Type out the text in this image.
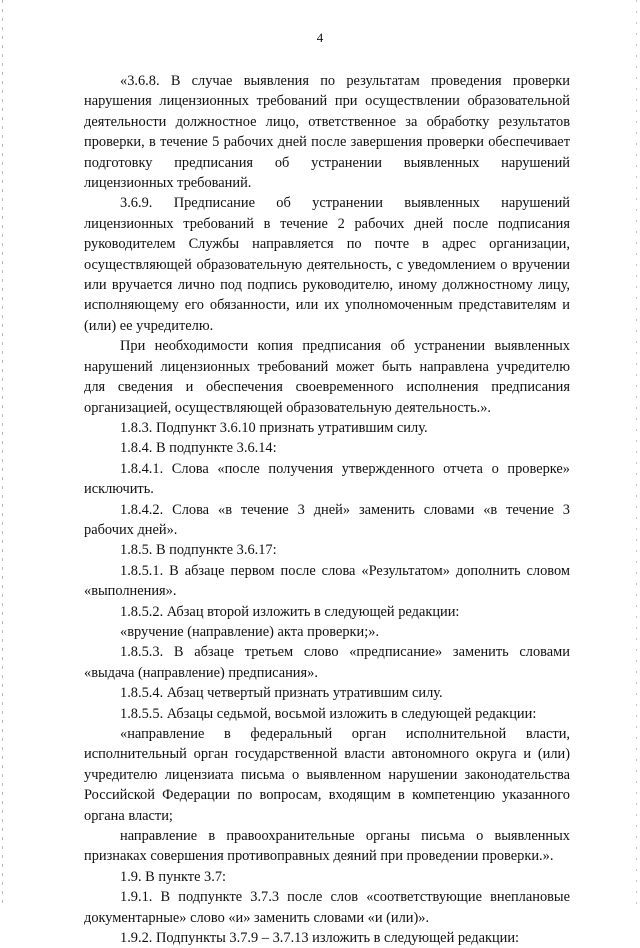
4

«3.6.8. В случае выявления по результатам проведения проверки нарушения лицензионных требований при осуществлении образовательной деятельности должностное лицо, ответственное за обработку результатов проверки, в течение 5 рабочих дней после завершения проверки обеспечивает подготовку предписания об устранении выявленных нарушений лицензионных требований.

3.6.9. Предписание об устранении выявленных нарушений лицензионных требований в течение 2 рабочих дней после подписания руководителем Службы направляется по почте в адрес организации, осуществляющей образовательную деятельность, с уведомлением о вручении или вручается лично под подпись руководителю, иному должностному лицу, исполняющему его обязанности, или их уполномоченным представителям и (или) ее учредителю.

При необходимости копия предписания об устранении выявленных нарушений лицензионных требований может быть направлена учредителю для сведения и обеспечения своевременного исполнения предписания организацией, осуществляющей образовательную деятельность.».

1.8.3. Подпункт 3.6.10 признать утратившим силу.

1.8.4. В подпункте 3.6.14:

1.8.4.1. Слова «после получения утвержденного отчета о проверке» исключить.

1.8.4.2. Слова «в течение 3 дней» заменить словами «в течение 3 рабочих дней».

1.8.5. В подпункте 3.6.17:

1.8.5.1. В абзаце первом после слова «Результатом» дополнить словом «выполнения».

1.8.5.2. Абзац второй изложить в следующей редакции:

«вручение (направление) акта проверки;».

1.8.5.3. В абзаце третьем слово «предписание» заменить словами «выдача (направление) предписания».

1.8.5.4. Абзац четвертый признать утратившим силу.

1.8.5.5. Абзацы седьмой, восьмой изложить в следующей редакции:

«направление в федеральный орган исполнительной власти, исполнительный орган государственной власти автономного округа и (или) учредителю лицензиата письма о выявленном нарушении законодательства Российской Федерации по вопросам, входящим в компетенцию указанного органа власти;

направление в правоохранительные органы письма о выявленных признаках совершения противоправных деяний при проведении проверки.».

1.9. В пункте 3.7:

1.9.1. В подпункте 3.7.3 после слов «соответствующие внеплановые документарные» слово «и» заменить словами «и (или)».

1.9.2. Подпункты 3.7.9 – 3.7.13 изложить в следующей редакции:
